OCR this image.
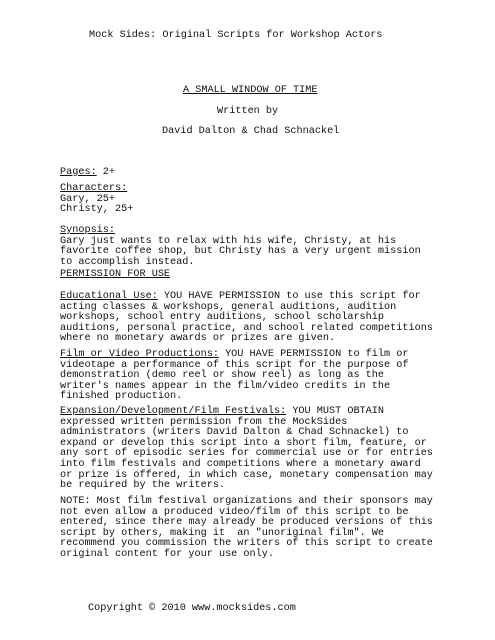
Mock Sides: Original Scripts for Workshop Actors
A SMALL WINDOW OF TIME
Written by
David Dalton & Chad Schnackel
Pages: 2+
Characters:
Gary, 25+
Christy, 25+
Synopsis:
Gary just wants to relax with his wife, Christy, at his
favorite coffee shop, but Christy has a very urgent mission
to accomplish instead.
PERMISSION FOR USE
Educational Use: YOU HAVE PERMISSION to use this script for
acting classes & workshops, general auditions, audition
workshops, school entry auditions, school scholarship
auditions, personal practice, and school related competitions
where no monetary awards or prizes are given.
Film or Video Productions: YOU HAVE PERMISSION to film or
videotape a performance of this script for the purpose of
demonstration (demo reel or show reel) as long as the
writer's names appear in the film/video credits in the
finished production.
Expansion/Development/Film Festivals: YOU MUST OBTAIN
expressed written permission from the MockSides
administrators (writers David Dalton & Chad Schnackel) to
expand or develop this script into a short film, feature, or
any sort of episodic series for commercial use or for entries
into film festivals and competitions where a monetary award
or prize is offered, in which case, monetary compensation may
be required by the writers.
NOTE: Most film festival organizations and their sponsors may
not even allow a produced video/film of this script to be
entered, since there may already be produced versions of this
script by others, making it  an "unoriginal film". We
recommend you commission the writers of this script to create
original content for your use only.
Copyright © 2010 www.mocksides.com
